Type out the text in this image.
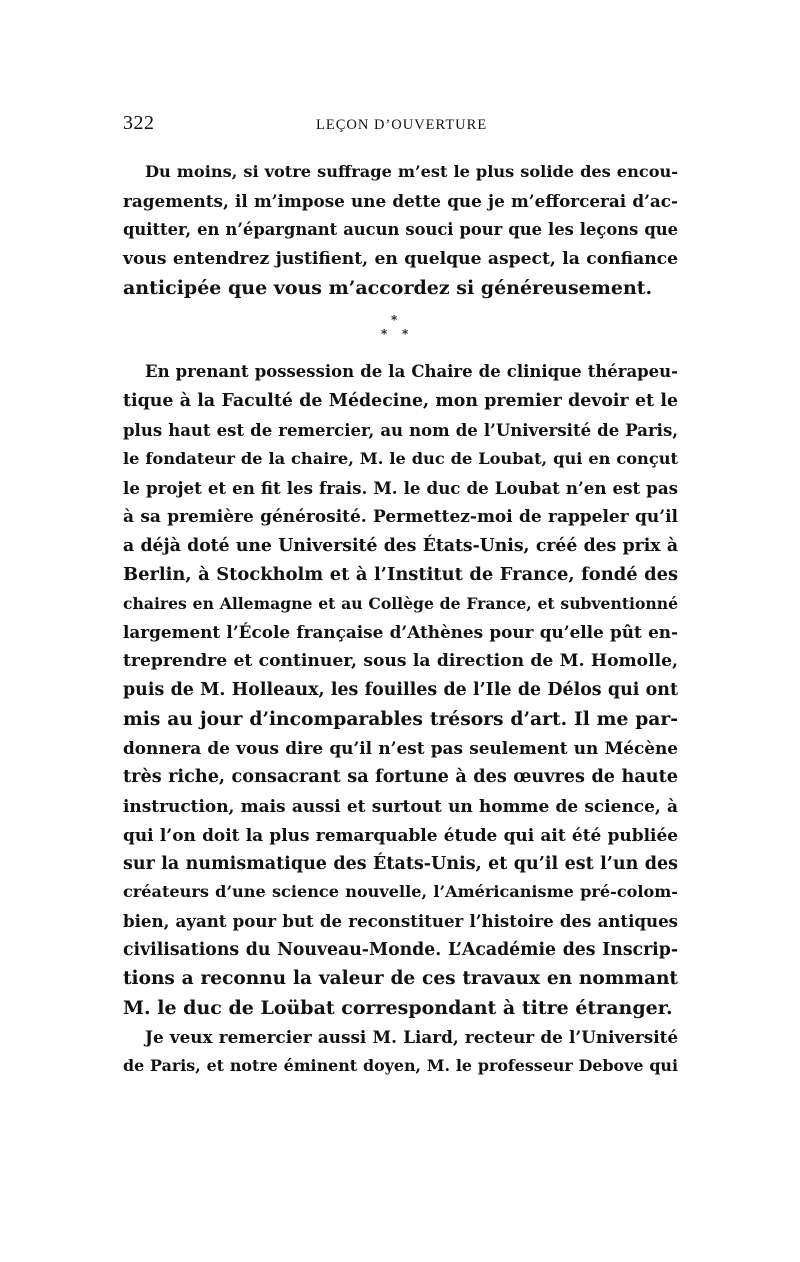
322	LEÇON D’OUVERTURE
Du moins, si votre suffrage m’est le plus solide des encou-
ragements, il m’impose une dette que je m’efforcerai d’ac-
quitter, en n’épargnant aucun souci pour que les leçons que
vous entendrez justifient, en quelque aspect, la confiance
anticipée que vous m’accordez si généreusement.
*
* *
En prenant possession de la Chaire de clinique thérapeu-
tique à la Faculté de Médecine, mon premier devoir et le
plus haut est de remercier, au nom de l’Université de Paris,
le fondateur de la chaire, M. le duc de Loubat, qui en conçut
le projet et en fit les frais. M. le duc de Loubat n’en est pas
à sa première générosité. Permettez-moi de rappeler qu’il
a déjà doté une Université des États-Unis, créé des prix à
Berlin, à Stockholm et à l’Institut de France, fondé des
chaires en Allemagne et au Collège de France, et subventionné
largement l’École française d’Athènes pour qu’elle pût en-
treprendre et continuer, sous la direction de M. Homolle,
puis de M. Holleaux, les fouilles de l’Ile de Délos qui ont
mis au jour d’incomparables trésors d’art. Il me par-
donnera de vous dire qu’il n’est pas seulement un Mécène
très riche, consacrant sa fortune à des œuvres de haute
instruction, mais aussi et surtout un homme de science, à
qui l’on doit la plus remarquable étude qui ait été publiée
sur la numismatique des États-Unis, et qu’il est l’un des
créateurs d’une science nouvelle, l’Américanisme pré-colom-
bien, ayant pour but de reconstituer l’histoire des antiques
civilisations du Nouveau-Monde. L’Académie des Inscrip-
tions a reconnu la valeur de ces travaux en nommant
M. le duc de Loübat correspondant à titre étranger.
Je veux remercier aussi M. Liard, recteur de l’Université
de Paris, et notre éminent doyen, M. le professeur Debove qui
